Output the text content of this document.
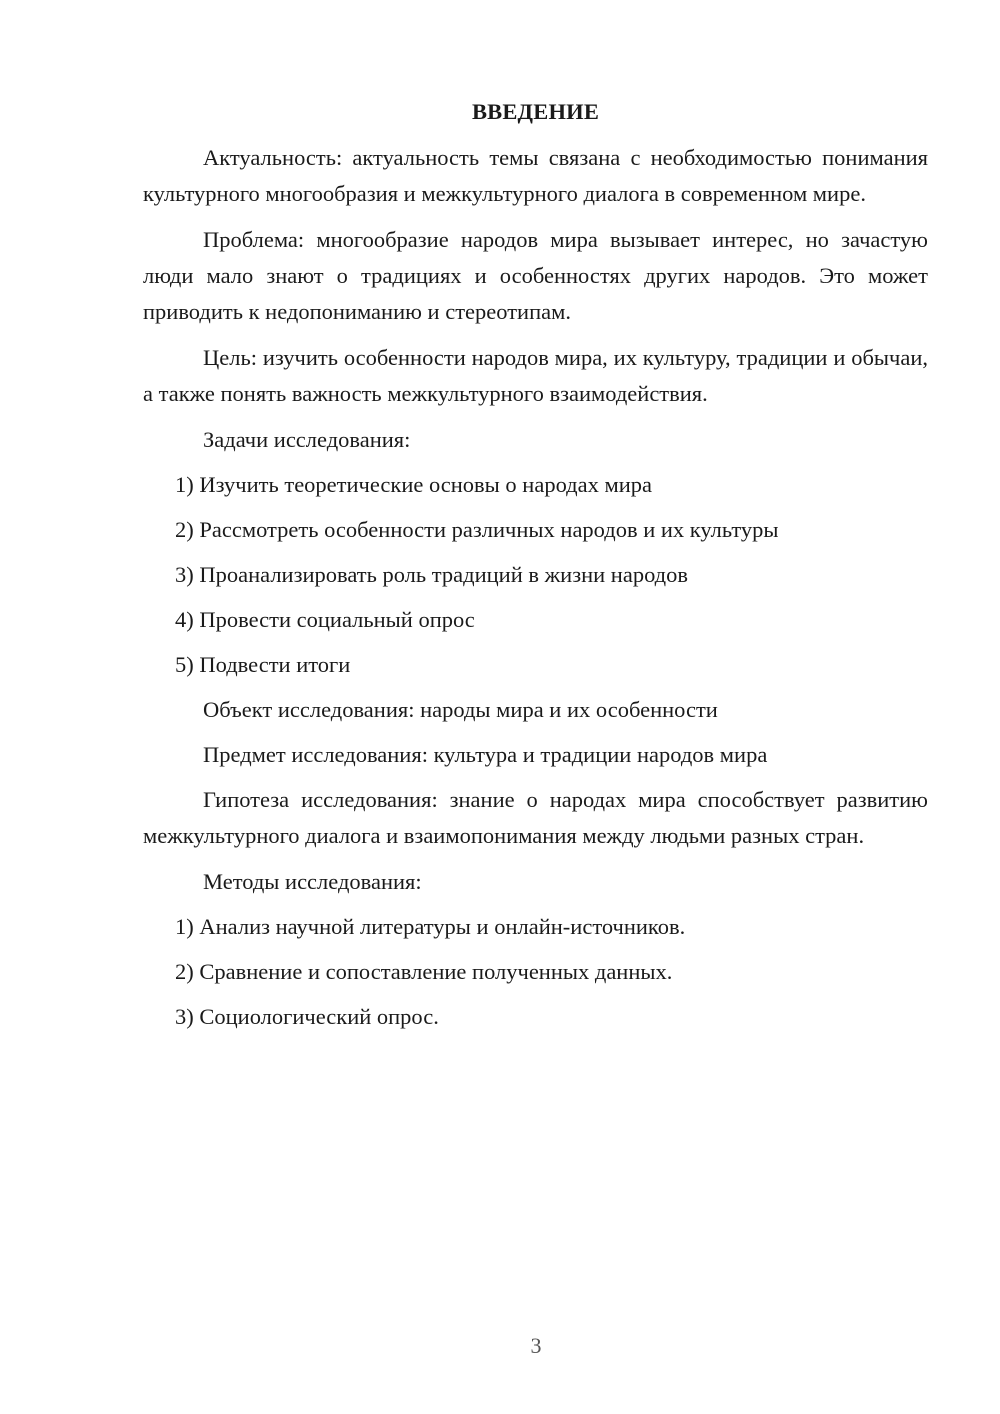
ВВЕДЕНИЕ

Актуальность: актуальность темы связана с необходимостью понимания культурного многообразия и межкультурного диалога в современном мире.

Проблема: многообразие народов мира вызывает интерес, но зачастую люди мало знают о традициях и особенностях других народов. Это может приводить к недопониманию и стереотипам.

Цель: изучить особенности народов мира, их культуру, традиции и обычаи, а также понять важность межкультурного взаимодействия.

Задачи исследования:

1) Изучить теоретические основы о народах мира

2) Рассмотреть особенности различных народов и их культуры

3) Проанализировать роль традиций в жизни народов

4) Провести социальный опрос

5) Подвести итоги

Объект исследования: народы мира и их особенности

Предмет исследования: культура и традиции народов мира

Гипотеза исследования: знание о народах мира способствует развитию межкультурного диалога и взаимопонимания между людьми разных стран.

Методы исследования:

1) Анализ научной литературы и онлайн-источников.

2) Сравнение и сопоставление полученных данных.

3) Социологический опрос.

3
